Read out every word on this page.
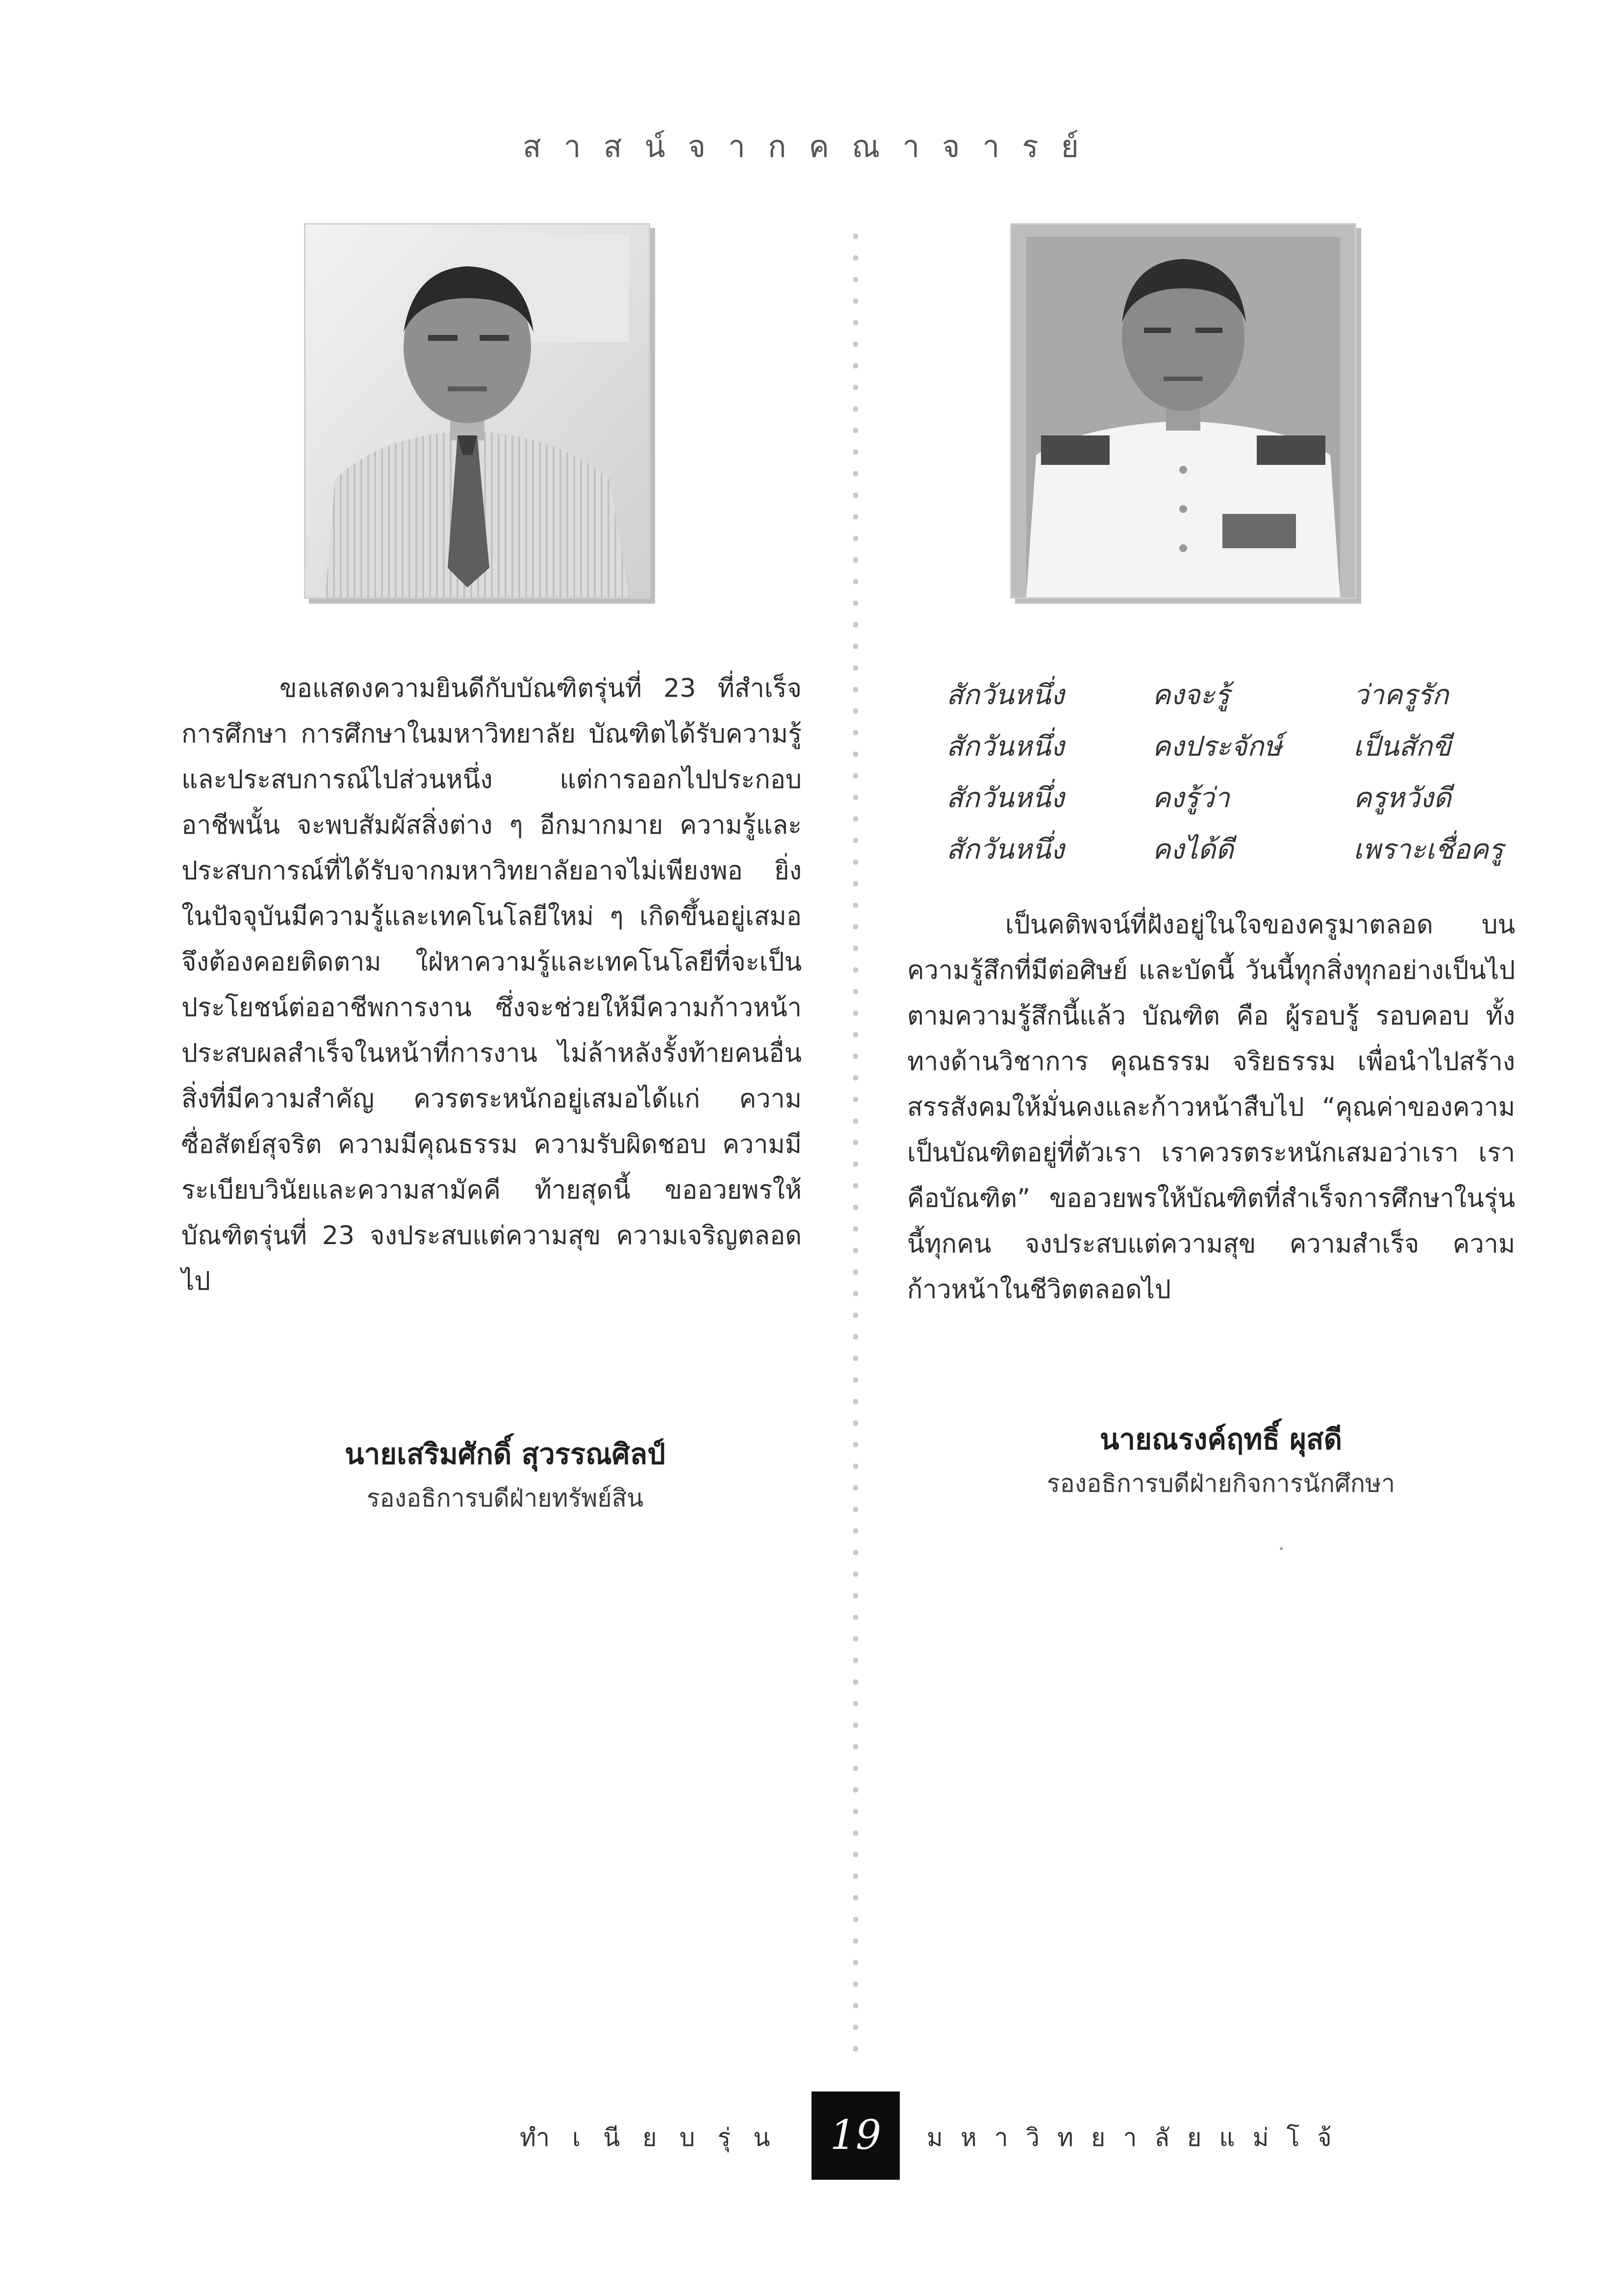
สาสน์จากคณาจารย์

ขอแสดงความยินดีกับบัณฑิตรุ่นที่ 23 ที่สำเร็จการศึกษา การศึกษาในมหาวิทยาลัย บัณฑิตได้รับความรู้และประสบการณ์ไปส่วนหนึ่ง แต่การออกไปประกอบอาชีพนั้น จะพบสัมผัสสิ่งต่าง ๆ อีกมากมาย ความรู้และประสบการณ์ที่ได้รับจากมหาวิทยาลัยอาจไม่เพียงพอ ยิ่งในปัจจุบันมีความรู้และเทคโนโลยีใหม่ ๆ เกิดขึ้นอยู่เสมอ จึงต้องคอยติดตาม ใฝ่หาความรู้และเทคโนโลยีที่จะเป็นประโยชน์ต่ออาชีพการงาน ซึ่งจะช่วยให้มีความก้าวหน้าประสบผลสำเร็จในหน้าที่การงาน ไม่ล้าหลังรั้งท้ายคนอื่น สิ่งที่มีความสำคัญ ควรตระหนักอยู่เสมอได้แก่ ความซื่อสัตย์สุจริต ความมีคุณธรรม ความรับผิดชอบ ความมีระเบียบวินัยและความสามัคคี ท้ายสุดนี้ ขออวยพรให้บัณฑิตรุ่นที่ 23 จงประสบแต่ความสุข ความเจริญตลอดไป

สักวันหนึ่ง	คงจะรู้	ว่าครูรัก
สักวันหนึ่ง	คงประจักษ์	เป็นสักขี
สักวันหนึ่ง	คงรู้ว่า	ครูหวังดี
สักวันหนึ่ง	คงได้ดี	เพราะเชื่อครู

เป็นคติพจน์ที่ฝังอยู่ในใจของครูมาตลอด บนความรู้สึกที่มีต่อศิษย์ และบัดนี้ วันนี้ทุกสิ่งทุกอย่างเป็นไปตามความรู้สึกนี้แล้ว บัณฑิต คือ ผู้รอบรู้ รอบคอบ ทั้งทางด้านวิชาการ คุณธรรม จริยธรรม เพื่อนำไปสร้างสรรสังคมให้มั่นคงและก้าวหน้าสืบไป “คุณค่าของความเป็นบัณฑิตอยู่ที่ตัวเรา เราควรตระหนักเสมอว่าเรา เราคือบัณฑิต” ขออวยพรให้บัณฑิตที่สำเร็จการศึกษาในรุ่นนี้ทุกคน จงประสบแต่ความสุข ความสำเร็จ ความก้าวหน้าในชีวิตตลอดไป

นายเสริมศักดิ์ สุวรรณศิลป์
รองอธิการบดีฝ่ายทรัพย์สิน
นายณรงค์ฤทธิ์ ผุสดี
รองอธิการบดีฝ่ายกิจการนักศึกษา
ทำเนียบรุ่น 19	มหาวิทยาลัยแม่โจ้
